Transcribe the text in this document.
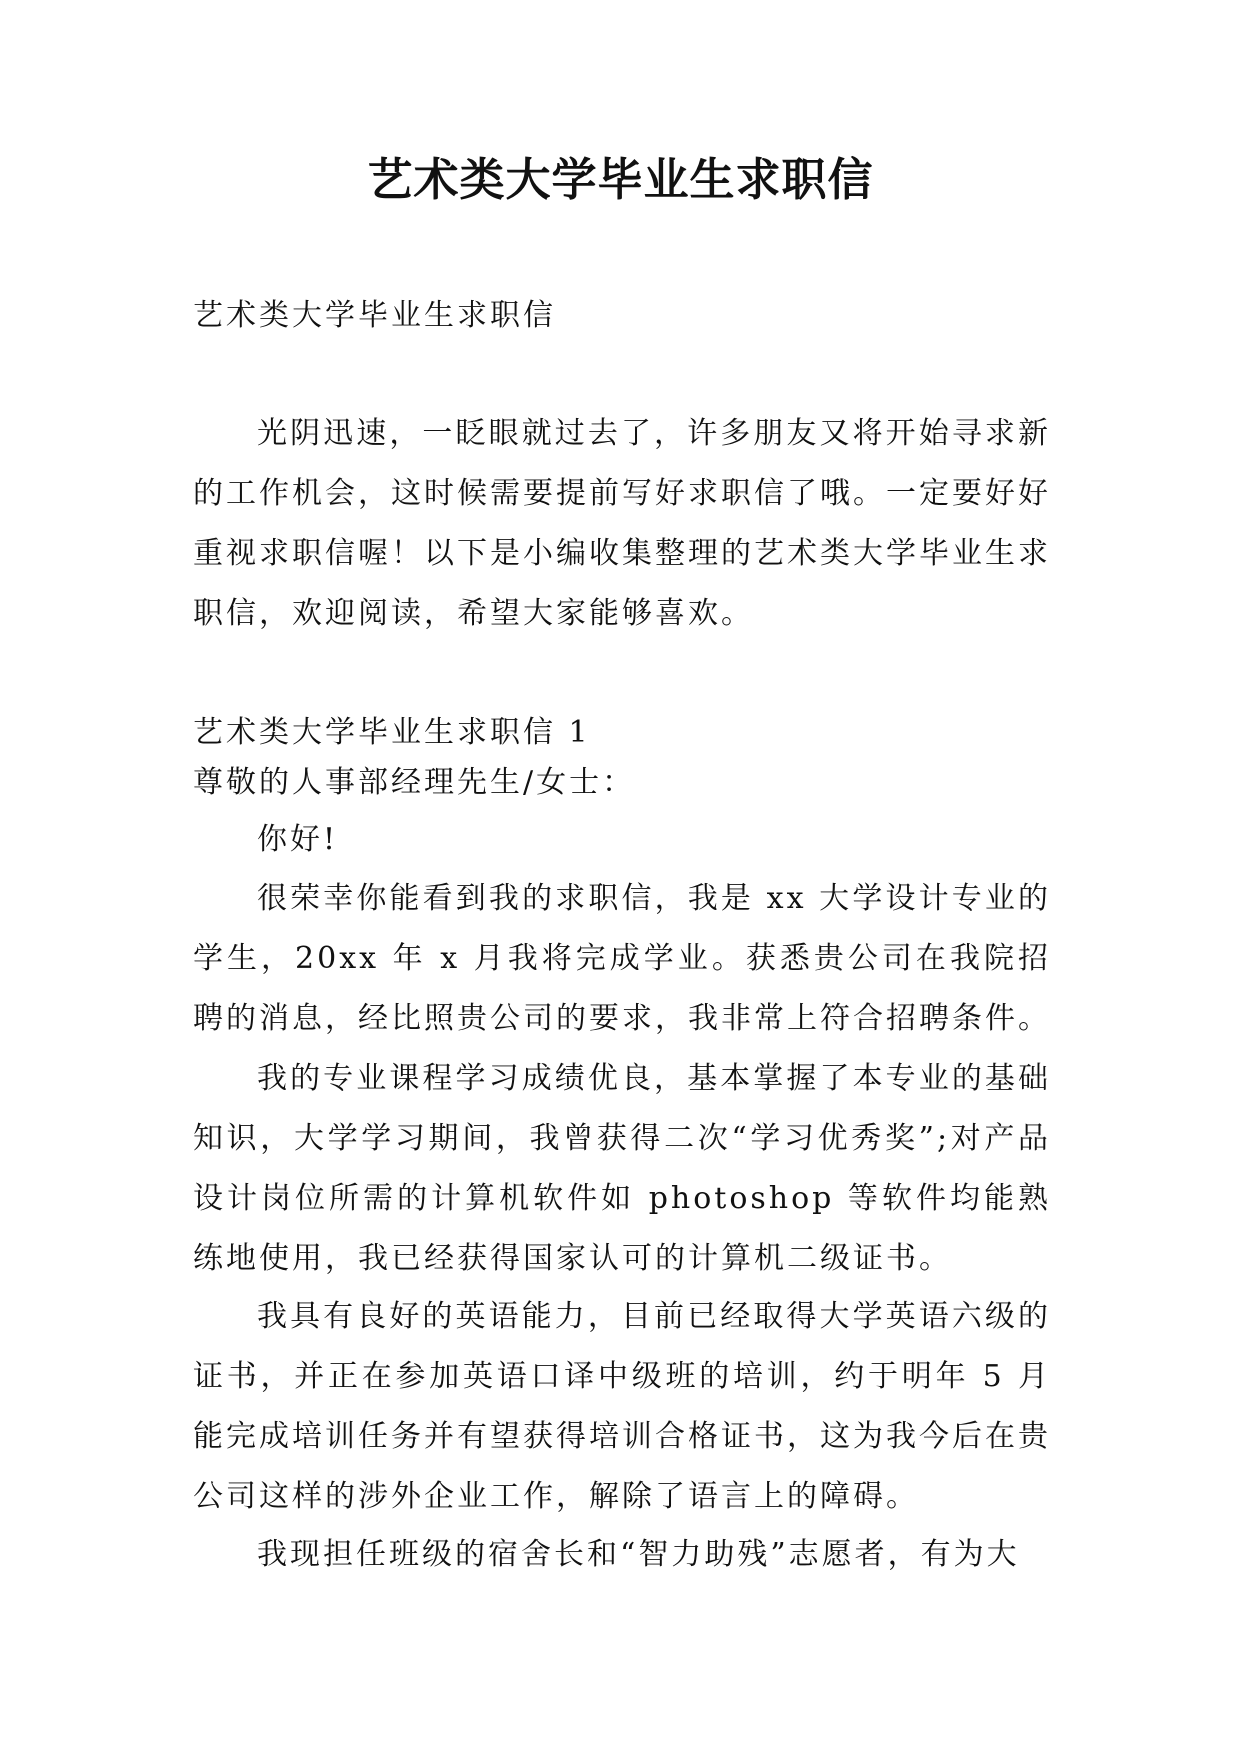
艺术类大学毕业生求职信
艺术类大学毕业生求职信
光阴迅速，一眨眼就过去了，许多朋友又将开始寻求新的工作机会，这时候需要提前写好求职信了哦。一定要好好重视求职信喔！以下是小编收集整理的艺术类大学毕业生求职信，欢迎阅读，希望大家能够喜欢。
艺术类大学毕业生求职信 1
尊敬的人事部经理先生/女士：
你好!
很荣幸你能看到我的求职信，我是 xx 大学设计专业的学生，20xx 年 x 月我将完成学业。获悉贵公司在我院招聘的消息，经比照贵公司的要求，我非常上符合招聘条件。
我的专业课程学习成绩优良，基本掌握了本专业的基础知识，大学学习期间，我曾获得二次“学习优秀奖”;对产品设计岗位所需的计算机软件如 photoshop 等软件均能熟练地使用，我已经获得国家认可的计算机二级证书。
我具有良好的英语能力，目前已经取得大学英语六级的证书，并正在参加英语口译中级班的培训，约于明年 5 月能完成培训任务并有望获得培训合格证书，这为我今后在贵公司这样的涉外企业工作，解除了语言上的障碍。
我现担任班级的宿舍长和“智力助残”志愿者，有为大
